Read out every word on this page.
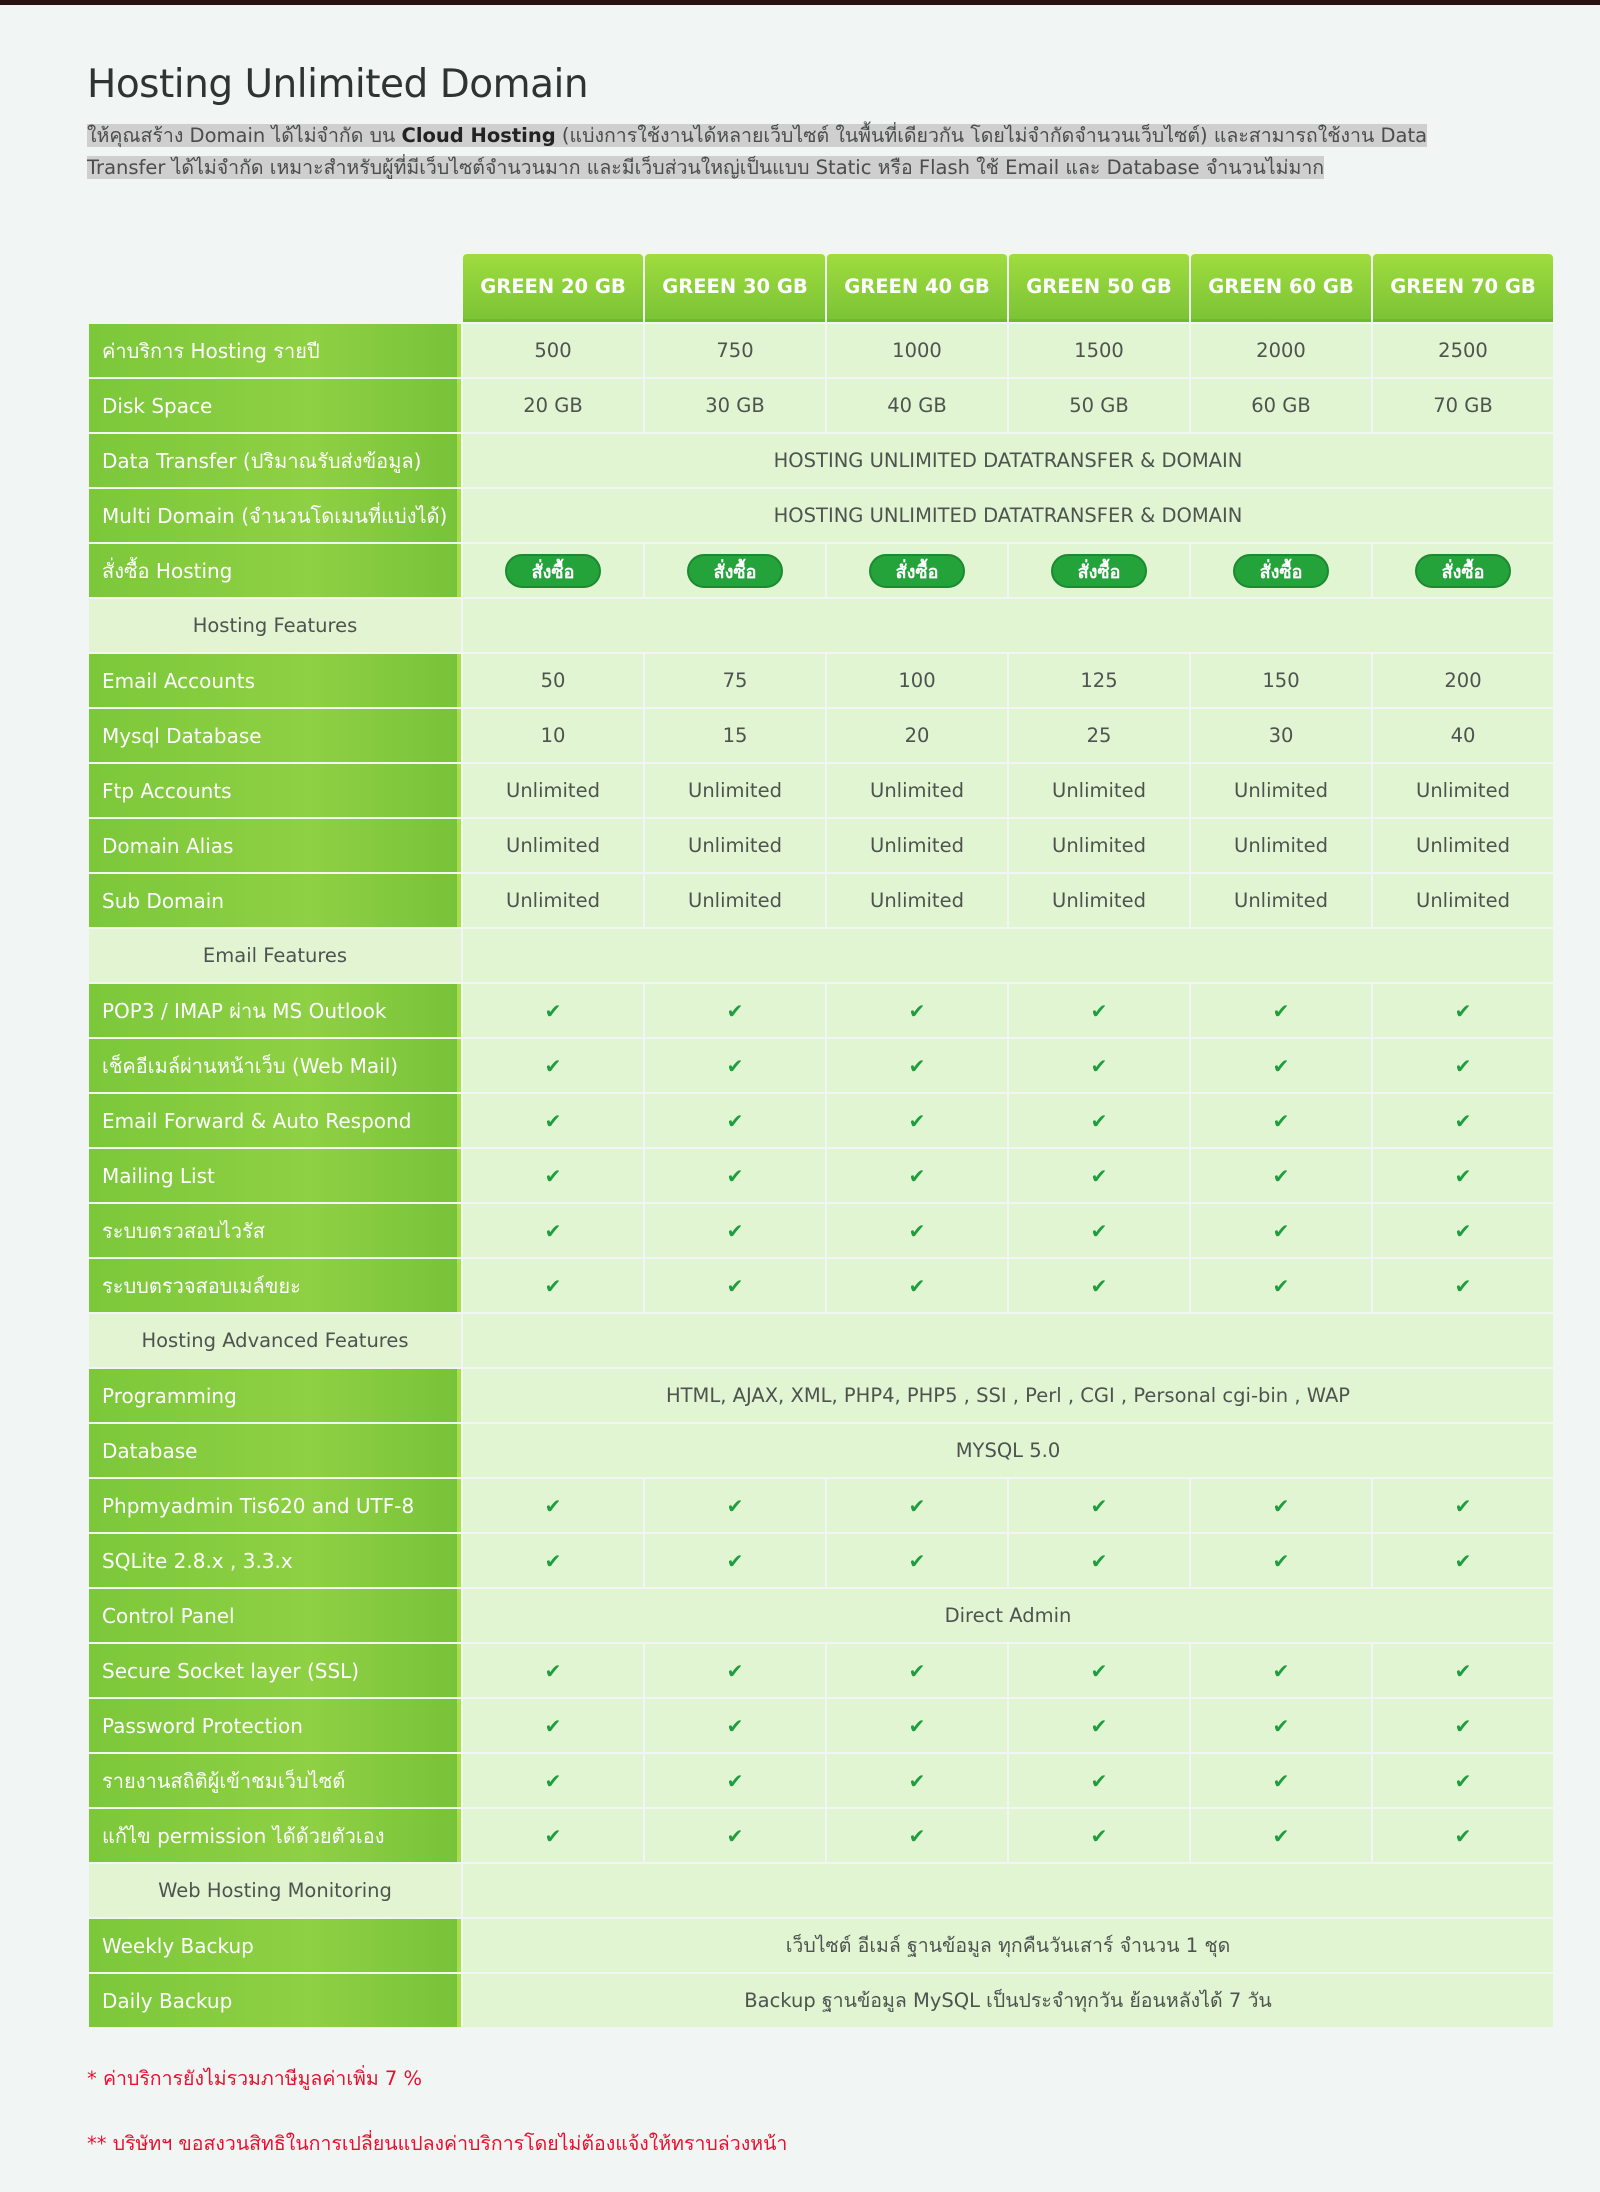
Hosting Unlimited Domain
ให้คุณสร้าง Domain ได้ไม่จำกัด บน Cloud Hosting (แบ่งการใช้งานได้หลายเว็บไซต์ ในพื้นที่เดียวกัน โดยไม่จำกัดจำนวนเว็บไซต์) และสามารถใช้งาน Data Transfer ได้ไม่จำกัด เหมาะสำหรับผู้ที่มีเว็บไซต์จำนวนมาก และมีเว็บส่วนใหญ่เป็นแบบ Static หรือ Flash ใช้ Email และ Database จำนวนไม่มาก
	GREEN 20 GB	GREEN 30 GB	GREEN 40 GB	GREEN 50 GB	GREEN 60 GB	GREEN 70 GB
ค่าบริการ Hosting รายปี	500	750	1000	1500	2000	2500
Disk Space	20 GB	30 GB	40 GB	50 GB	60 GB	70 GB
Data Transfer (ปริมาณรับส่งข้อมูล)	HOSTING UNLIMITED DATATRANSFER & DOMAIN					
Multi Domain (จำนวนโดเมนที่แบ่งได้)	HOSTING UNLIMITED DATATRANSFER & DOMAIN					
สั่งซื้อ Hosting	สั่งซื้อ	สั่งซื้อ	สั่งซื้อ	สั่งซื้อ	สั่งซื้อ	สั่งซื้อ
Hosting Features						
Email Accounts	50	75	100	125	150	200
Mysql Database	10	15	20	25	30	40
Ftp Accounts	Unlimited	Unlimited	Unlimited	Unlimited	Unlimited	Unlimited
Domain Alias	Unlimited	Unlimited	Unlimited	Unlimited	Unlimited	Unlimited
Sub Domain	Unlimited	Unlimited	Unlimited	Unlimited	Unlimited	Unlimited
Email Features						
POP3 / IMAP ผ่าน MS Outlook	✔	✔	✔	✔	✔	✔
เช็คอีเมล์ผ่านหน้าเว็บ (Web Mail)	✔	✔	✔	✔	✔	✔
Email Forward & Auto Respond	✔	✔	✔	✔	✔	✔
Mailing List	✔	✔	✔	✔	✔	✔
ระบบตรวสอบไวรัส	✔	✔	✔	✔	✔	✔
ระบบตรวจสอบเมล์ขยะ	✔	✔	✔	✔	✔	✔
Hosting Advanced Features						
Programming	HTML, AJAX, XML, PHP4, PHP5 , SSI , Perl , CGI , Personal cgi-bin , WAP					
Database	MYSQL 5.0					
Phpmyadmin Tis620 and UTF-8	✔	✔	✔	✔	✔	✔
SQLite 2.8.x , 3.3.x	✔	✔	✔	✔	✔	✔
Control Panel	Direct Admin					
Secure Socket layer (SSL)	✔	✔	✔	✔	✔	✔
Password Protection	✔	✔	✔	✔	✔	✔
รายงานสถิติผู้เข้าชมเว็บไซต์	✔	✔	✔	✔	✔	✔
แก้ไข permission ได้ด้วยตัวเอง	✔	✔	✔	✔	✔	✔
Web Hosting Monitoring						
Weekly Backup	เว็บไซต์ อีเมล์ ฐานข้อมูล ทุกคืนวันเสาร์ จำนวน 1 ชุด					
Daily Backup	Backup ฐานข้อมูล MySQL เป็นประจำทุกวัน ย้อนหลังได้ 7 วัน					
* ค่าบริการยังไม่รวมภาษีมูลค่าเพิ่ม 7 %
** บริษัทฯ ขอสงวนสิทธิในการเปลี่ยนแปลงค่าบริการโดยไม่ต้องแจ้งให้ทราบล่วงหน้า
